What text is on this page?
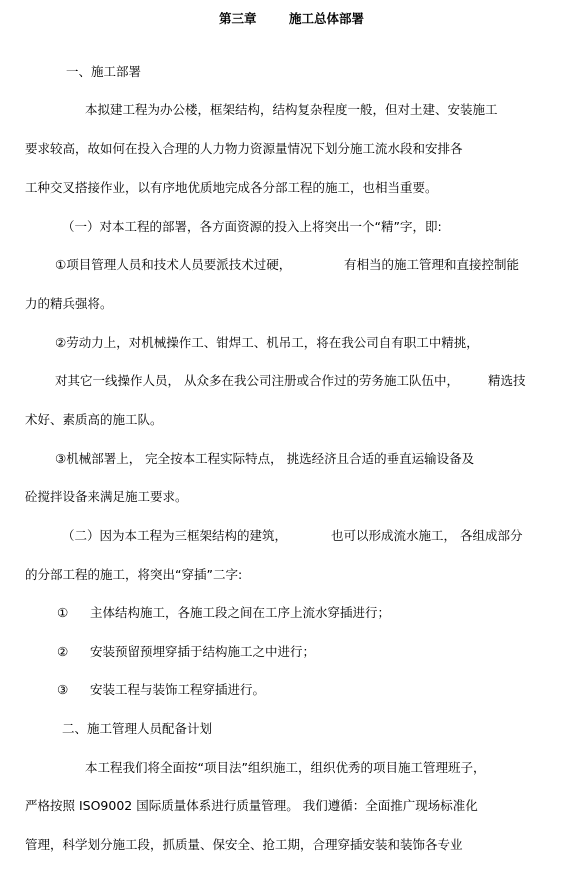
第三章	施工总体部署
一、施工部署
本拟建工程为办公楼，框架结构，结构复杂程度一般，但对土建、安装施工
要求较高，故如何在投入合理的人力物力资源量情况下划分施工流水段和安排各
工种交叉搭接作业，以有序地优质地完成各分部工程的施工，也相当重要。
（一）对本工程的部署，各方面资源的投入上将突出一个“精”字，即:
①项目管理人员和技术人员要派技术过硬，	有相当的施工管理和直接控制能
力的精兵强将。
②劳动力上，对机械操作工、钳焊工、机吊工，将在我公司自有职工中精挑，
对其它一线操作人员， 从众多在我公司注册或合作过的劳务施工队伍中， 精选技
术好、素质高的施工队。
③机械部署上， 完全按本工程实际特点， 挑选经济且合适的垂直运输设备及
砼搅拌设备来满足施工要求。
（二）因为本工程为三框架结构的建筑，	也可以形成流水施工， 各组成部分
的分部工程的施工，将突出“穿插”二字:
① 主体结构施工，各施工段之间在工序上流水穿插进行；
② 安装预留预埋穿插于结构施工之中进行；
③ 安装工程与装饰工程穿插进行。
二、施工管理人员配备计划
本工程我们将全面按“项目法”组织施工，组织优秀的项目施工管理班子，
严格按照 ISO9002 国际质量体系进行质量管理。 我们遵循：全面推广现场标准化
管理，科学划分施工段，抓质量、保安全、抢工期，合理穿插安装和装饰各专业
